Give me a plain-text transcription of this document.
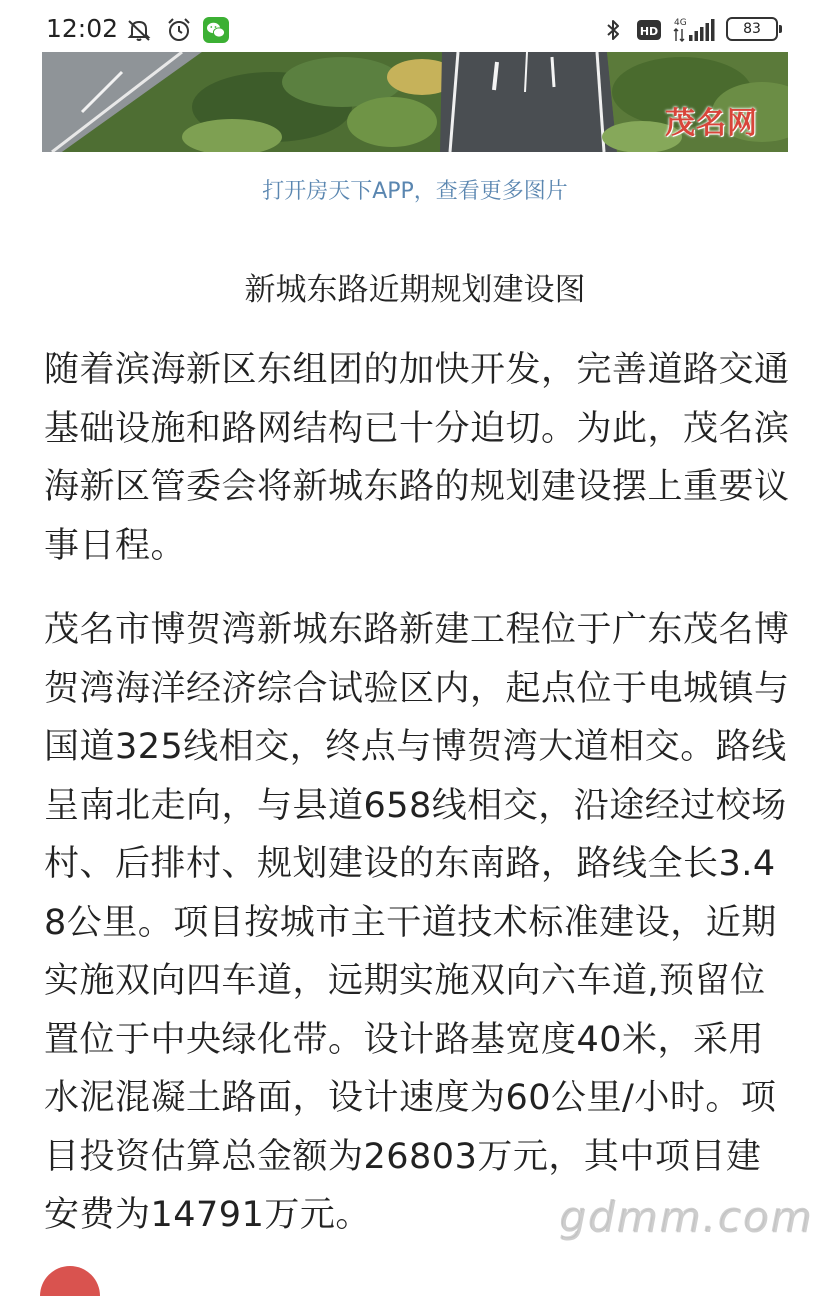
12:02	HD
4G	83
茂名网
打开房天下APP，查看更多图片
新城东路近期规划建设图

随着滨海新区东组团的加快开发，完善道路交通基础设施和路网结构已十分迫切。为此，茂名滨海新区管委会将新城东路的规划建设摆上重要议事日程。

茂名市博贺湾新城东路新建工程位于广东茂名博贺湾海洋经济综合试验区内，起点位于电城镇与国道325线相交，终点与博贺湾大道相交。路线呈南北走向，与县道658线相交，沿途经过校场村、后排村、规划建设的东南路，路线全长3.48公里。项目按城市主干道技术标准建设，近期实施双向四车道，远期实施双向六车道,预留位置位于中央绿化带。设计路基宽度40米，采用水泥混凝土路面，设计速度为60公里/小时。项目投资估算总金额为26803万元，其中项目建安费为14791万元。	gdmm.com
